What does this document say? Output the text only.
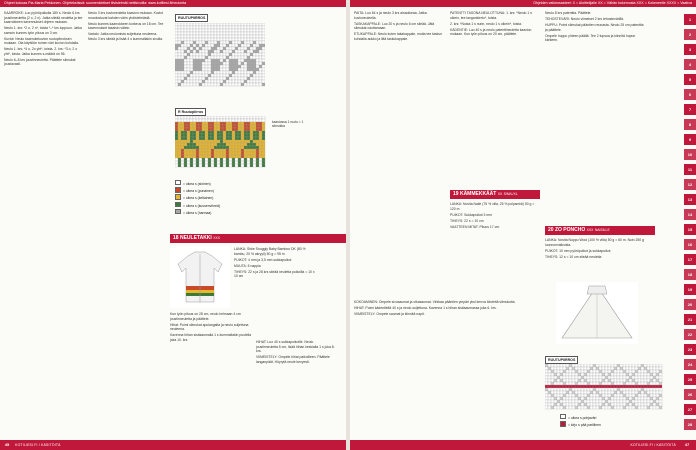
Ohjeet kokoaa Pia-Maria Pekkonen. Ohjetekstissä: suomenkieliset tiivistelmät nettisivuilla: www.kotiliesi.fi/neulonta	Ohjeiden vaikeusasteet: X = Aloittelijalle XX = Vähän kokemusta XXX = Kokeneelle XXXX = Vaativa

KAARROKE: Luo pyöröpuikolla 180 s. Neulo 6 krs joustinneuletta (2 o, 2 n). Jatka sileää neuletta ja tee kaarrokkeen kavennukset ohjeen mukaan.

Neulo 1. krs: *2 o, 2 n*, toista *–* krs loppuun. Jatka samoin kunnes työn pituus on 3 cm.

Kuviot: Neulo kaarrokekuvion ruutupiirroksen mukaan. Ota käyttöön toinen väri kuvion kohdalla.

Neulo 1. krs: *4 o, 2o yht*, toista. 2. krs: *3 o, 2 o yht*, toista. Jatka kunnes s-määrä on 96.

Neulo 6–8 krs joustinneuletta. Päättele silmukat joustavasti.

Neulo 3 krs kuvioneuletta kaavion mukaan. Kuviot muodostuvat kahden värin yhdistelmästä.

Neulo kunnes kaarrokkeen korkeus on 18 cm. Tee kavennukset tasaisin välein.

Vartalo: Jatka neulomista suljettuna neuleena. Neulo 3 krs sileää ja lisää 4 s kummallakin sivulla.

RUUTUPIIRROS
R Ruutupiirros
kaaviossa 1 ruutu = 1 silmukka
= oikea s (sininen)
= oikea s (punainen)
= oikea s (keltainen)
= oikea s (kuusenvihreä)
= oikea s (harmaa)
18 NEULETAKKI XXX

LANKA: Sirke Snuggly Baby Bamboo DK (80 % bambu, 20 % akryyli) 50 g = 95 m

PUIKOT: 4 mm ja 3,5 mm sukkapuikot

MUUTA: 5 nappia

TIHEYS: 22 s ja 28 krs sileää neuletta puikoilla = 10 x 10 cm

Kun työn pituus on 28 cm, neulo helmaan 4 cm joustinneuletta ja päättele.

Hihat: Poimi silmukat apulangalta ja neulo suljettuna neuleena.

Kavenna hihan sisäsaumalla 1 s kummallakin puolella joka 10. krs.

HIHAT: Luo 40 s sukkapuikoille. Neulo joustinneuletta 5 cm, lisää hihan keskialla 1 s joka 8. krs.

VIIMEISTELY: Ompele hihat paikoilleen. Päättele langanpäät. Höyrytä neule kevyesti.

45 KOTILIESI.FI / KÄSITÖITÄ

PAITA: Luo 64 s ja neulo 3 krs ainaoikeaa. Jatka kuvioneuleella.

TASKAKAPPALE: Luo 20 s ja neulo 6 cm sileää. Jätä silmukat odottamaan.

ETUKAPPALE: Neulo kuten takakappale, mutta tee taskun kohdalla aukko ja liitä taskukappale.

PATENTTI TASONA NEULOTTUNA: 1. krs: *Neulo 1 s oikein, tee langankierto*, toista.

2. krs: *Nosta 1 s nurin, neulo 1 s oikein*, toista.

KÄDENTIE: Luo 40 s ja neulo patenttineuletta kaavion mukaan. Kun työn pituus on 20 cm, päättele.

Neulo 8 krs patenttia. Päättele.

TEHOSTEVÄRI: Neulo viimeiset 2 krs tehostevärillä.

HUPPU: Poimi silmukat pääntien reunasta. Neulo 25 cm patenttia ja päättele.

Ompele huppu yhteen päältä. Tee 2 tupsua ja kiinnitä hupun kärkeen.

19 KÄMMEKKÄÄT XX S/M/L/XL

LANKA: Novita Nalle (75 % villa, 25 % polyamidi) 50 g = 120 m

PUIKOT: Sukkapuikot 3 mm

TIHEYS: 22 s = 10 cm

VAATTEEN MITAT: Pituus 17 cm.

20 ZO PONCHO XXX NAISILLE

LANKA: Novita Nuppu Wool (100 % villa) 50 g = 60 m. Noin 250 g luonnonvalkoista.

PUIKOT: 10 mm pyöröpuikot ja sukkapuikot

TIHEYS: 12 s = 10 cm sileää neuletta

RUUTUPIIRROS
= oikea s pohjaväri
= kirjo s pää parillinen

KOKOAMINEN: Ompele sivusaumat ja olkasaumat. Virkkaa pääntien ympäri yksi kerros kiinteitä silmukoita.

HIHAT: Poimi kädentieltä 40 s ja neulo suljettuna. Kavenna 1 s hihan sisäsaumassa joka 6. krs.

VIIMEISTELY: Ompele saumat ja kiinnitä napit.

1
2
3
4
5
6
7
8
9
10
11
12
13
14
15
16
17
18
19
20
21
22
23
24
25
26
27
28
KOTILIESI.FI / KÄSITÖITÄ	47
